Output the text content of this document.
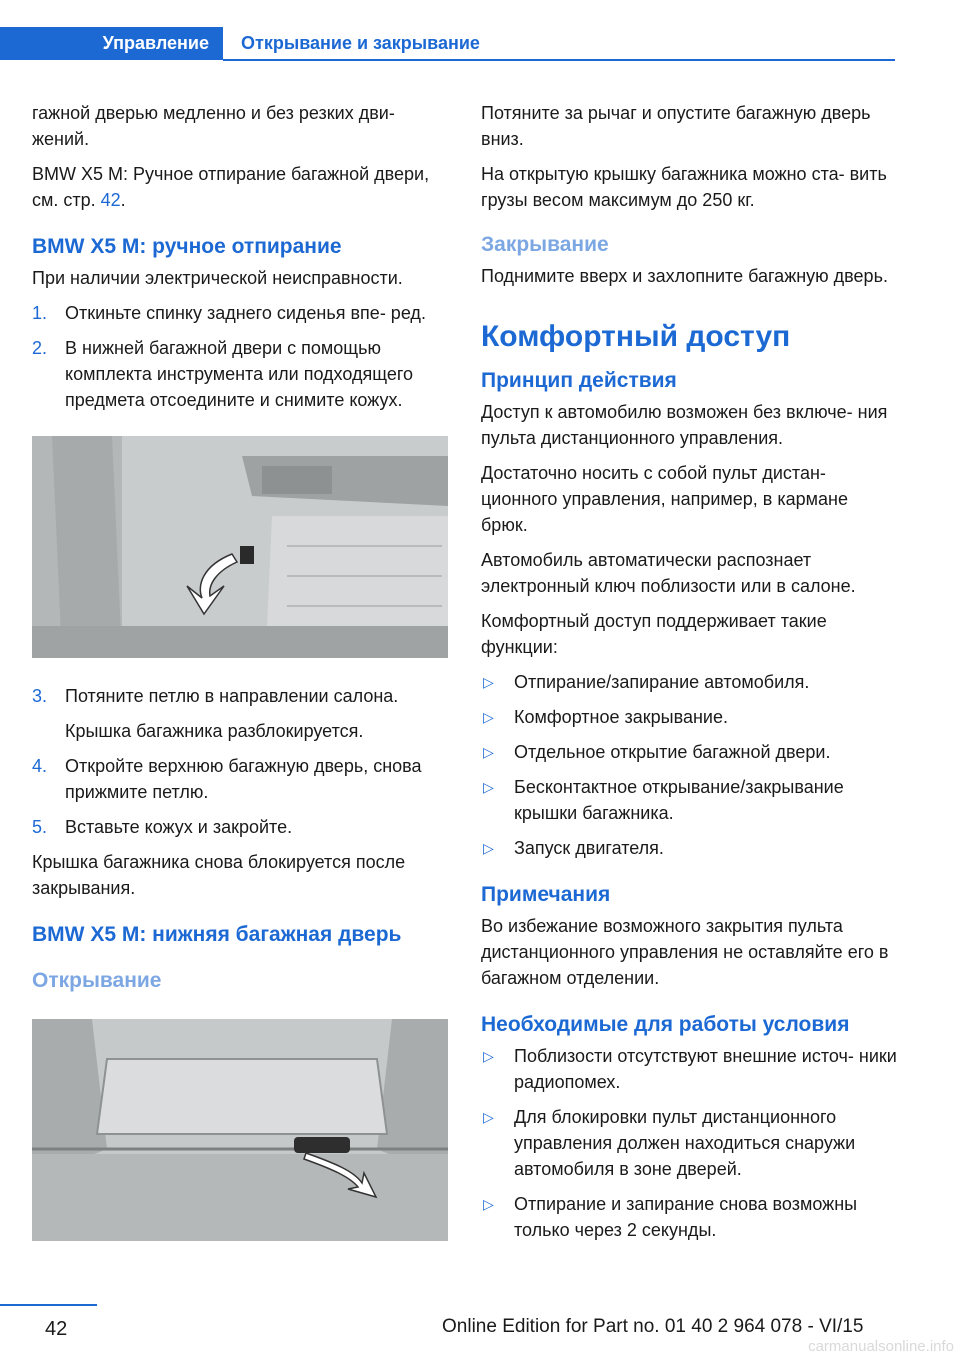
Управление	Открывание и закрывание

гажной дверью медленно и без резких дви- жений.

BMW X5 M: Ручное отпирание багажной двери, см. стр. 42.

BMW X5 M: ручное отпирание

При наличии электрической неисправности.

1. Откиньте спинку заднего сиденья впе- ред.
2. В нижней багажной двери с помощью комплекта инструмента или подходящего предмета отсоедините и снимите кожух.
3. Потяните петлю в направлении салона.
Крышка багажника разблокируется.
4. Откройте верхнюю багажную дверь, снова прижмите петлю.
5. Вставьте кожух и закройте.

Крышка багажника снова блокируется после закрывания.

BMW X5 M: нижняя багажная дверь
Открывание

Потяните за рычаг и опустите багажную дверь вниз.

На открытую крышку багажника можно ста- вить грузы весом максимум до 250 кг.

Закрывание

Поднимите вверх и захлопните багажную дверь.

Комфортный доступ
Принцип действия

Доступ к автомобилю возможен без включе- ния пульта дистанционного управления.

Достаточно носить с собой пульт дистан- ционного управления, например, в кармане брюк.

Автомобиль автоматически распознает электронный ключ поблизости или в салоне.

Комфортный доступ поддерживает такие функции:

▷ Отпирание/запирание автомобиля.
▷ Комфортное закрывание.
▷ Отдельное открытие багажной двери.
▷ Бесконтактное открывание/закрывание крышки багажника.
▷ Запуск двигателя.
Примечания

Во избежание возможного закрытия пульта дистанционного управления не оставляйте его в багажном отделении.

Необходимые для работы условия
▷ Поблизости отсутствуют внешние источ- ники радиопомех.
▷ Для блокировки пульт дистанционного управления должен находиться снаружи автомобиля в зоне дверей.
▷ Отпирание и запирание снова возможны только через 2 секунды.
42	Online Edition for Part no. 01 40 2 964 078 - VI/15
carmanualsonline.info
